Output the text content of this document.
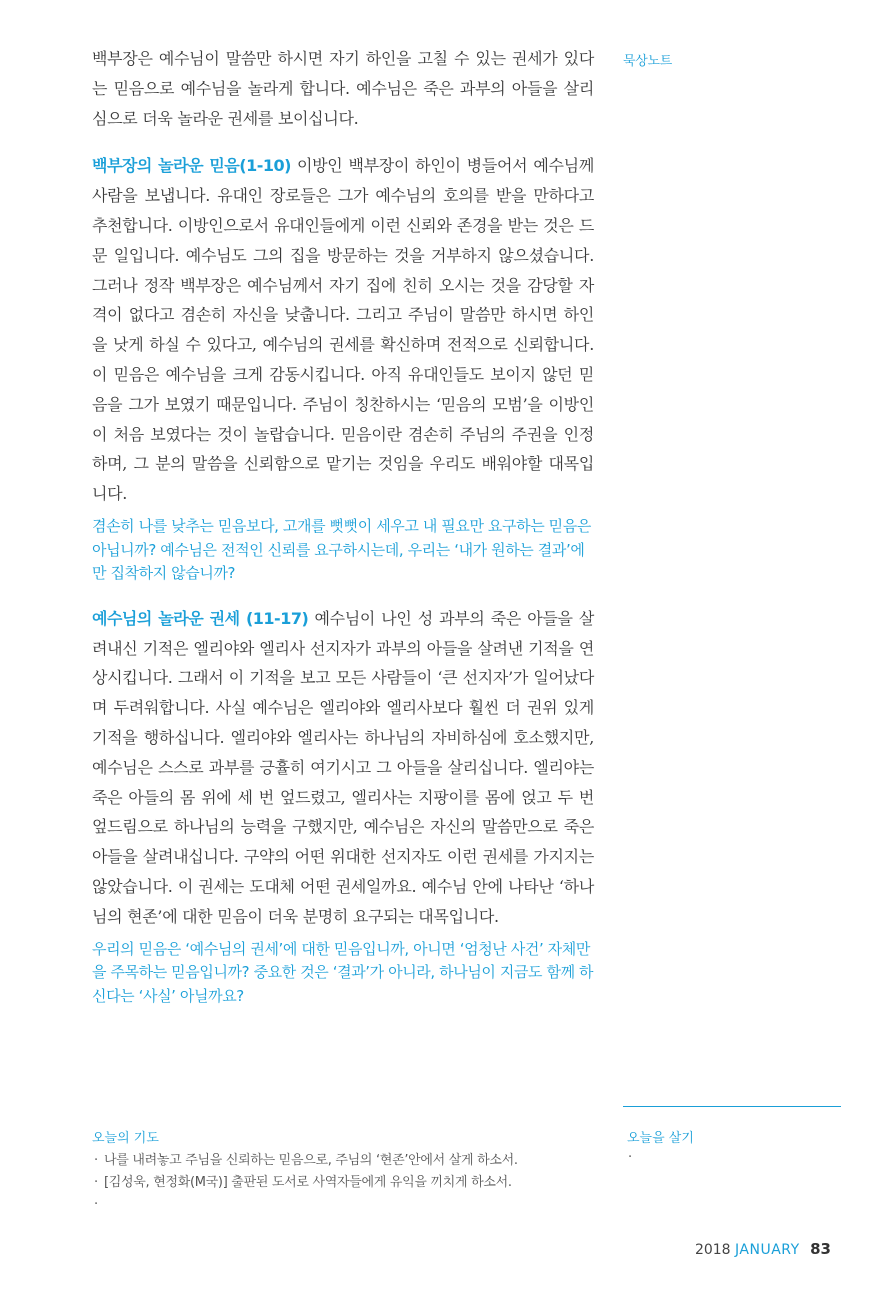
묵상노트

백부장은 예수님이 말씀만 하시면 자기 하인을 고칠 수 있는 권세가 있다는 믿음으로 예수님을 놀라게 합니다. 예수님은 죽은 과부의 아들을 살리심으로 더욱 놀라운 권세를 보이십니다.

백부장의 놀라운 믿음(1-10) 이방인 백부장이 하인이 병들어서 예수님께 사람을 보냅니다. 유대인 장로들은 그가 예수님의 호의를 받을 만하다고 추천합니다. 이방인으로서 유대인들에게 이런 신뢰와 존경을 받는 것은 드문 일입니다. 예수님도 그의 집을 방문하는 것을 거부하지 않으셨습니다. 그러나 정작 백부장은 예수님께서 자기 집에 친히 오시는 것을 감당할 자격이 없다고 겸손히 자신을 낮춥니다. 그리고 주님이 말씀만 하시면 하인을 낫게 하실 수 있다고, 예수님의 권세를 확신하며 전적으로 신뢰합니다. 이 믿음은 예수님을 크게 감동시킵니다. 아직 유대인들도 보이지 않던 믿음을 그가 보였기 때문입니다. 주님이 칭찬하시는 ‘믿음의 모범’을 이방인이 처음 보였다는 것이 놀랍습니다. 믿음이란 겸손히 주님의 주권을 인정하며, 그 분의 말씀을 신뢰함으로 맡기는 것임을 우리도 배워야할 대목입니다.

겸손히 나를 낮추는 믿음보다, 고개를 뻣뻣이 세우고 내 필요만 요구하는 믿음은 아닙니까? 예수님은 전적인 신뢰를 요구하시는데, 우리는 ‘내가 원하는 결과’에만 집착하지 않습니까?

예수님의 놀라운 권세 (11-17) 예수님이 나인 성 과부의 죽은 아들을 살려내신 기적은 엘리야와 엘리사 선지자가 과부의 아들을 살려낸 기적을 연상시킵니다. 그래서 이 기적을 보고 모든 사람들이 ‘큰 선지자’가 일어났다며 두려워합니다. 사실 예수님은 엘리야와 엘리사보다 훨씬 더 권위 있게 기적을 행하십니다. 엘리야와 엘리사는 하나님의 자비하심에 호소했지만, 예수님은 스스로 과부를 긍휼히 여기시고 그 아들을 살리십니다. 엘리야는 죽은 아들의 몸 위에 세 번 엎드렸고, 엘리사는 지팡이를 몸에 얹고 두 번 엎드림으로 하나님의 능력을 구했지만, 예수님은 자신의 말씀만으로 죽은 아들을 살려내십니다. 구약의 어떤 위대한 선지자도 이런 권세를 가지지는 않았습니다. 이 권세는 도대체 어떤 권세일까요. 예수님 안에 나타난 ‘하나님의 현존’에 대한 믿음이 더욱 분명히 요구되는 대목입니다.

우리의 믿음은 ‘예수님의 권세’에 대한 믿음입니까, 아니면 ‘엄청난 사건’ 자체만을 주목하는 믿음입니까? 중요한 것은 ‘결과’가 아니라, 하나님이 지금도 함께 하신다는 ‘사실’ 아닐까요?

오늘의 기도
· 나를 내려놓고 주님을 신뢰하는 믿음으로, 주님의 ‘현존’안에서 살게 하소서.
· [김성욱, 현정화(M국)] 출판된 도서로 사역자들에게 유익을 끼치게 하소서.
·
오늘을 살기
·
2018 JANUARY 83
